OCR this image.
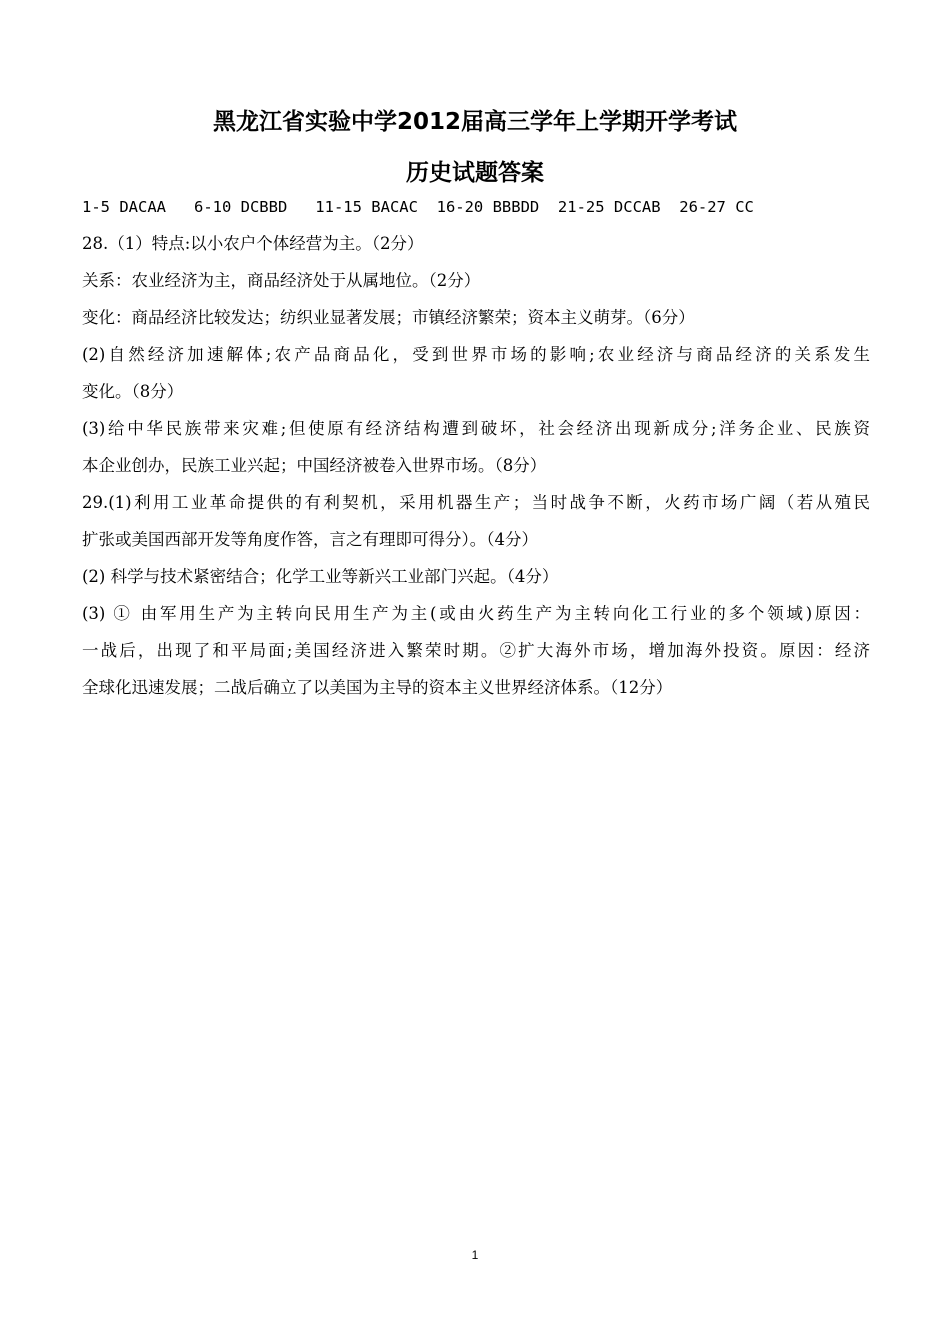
黑龙江省实验中学2012届高三学年上学期开学考试
历史试题答案
1-5 DACAA   6-10 DCBBD   11-15 BACAC  16-20 BBBDD  21-25 DCCAB  26-27 CC
28.（1）特点:以小农户个体经营为主。（2分）
关系：农业经济为主，商品经济处于从属地位。（2分）
变化：商品经济比较发达；纺织业显著发展；市镇经济繁荣；资本主义萌芽。（6分）
(2)自然经济加速解体;农产品商品化，受到世界市场的影响;农业经济与商品经济的关系发生
变化。（8分）
(3)给中华民族带来灾难;但使原有经济结构遭到破坏，社会经济出现新成分;洋务企业、民族资
本企业创办，民族工业兴起；中国经济被卷入世界市场。（8分）
29.(1)利用工业革命提供的有利契机，采用机器生产；当时战争不断，火药市场广阔（若从殖民
扩张或美国西部开发等角度作答，言之有理即可得分）。（4分）
(2) 科学与技术紧密结合；化学工业等新兴工业部门兴起。（4分）
(3) ① 由军用生产为主转向民用生产为主(或由火药生产为主转向化工行业的多个领域)原因：
一战后，出现了和平局面;美国经济进入繁荣时期。②扩大海外市场，增加海外投资。原因：经济
全球化迅速发展；二战后确立了以美国为主导的资本主义世界经济体系。（12分）
1
